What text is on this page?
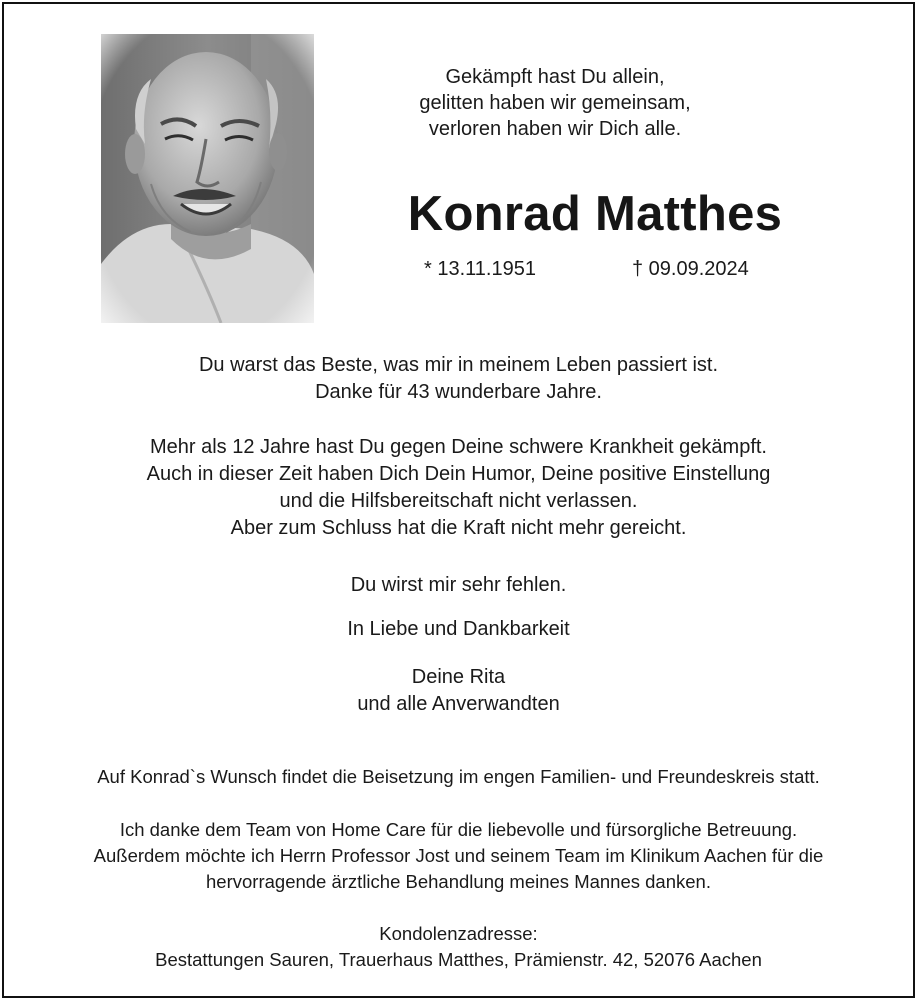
Gekämpft hast Du allein,
gelitten haben wir gemeinsam,
verloren haben wir Dich alle.
Konrad Matthes
* 13.11.1951	† 09.09.2024
Du warst das Beste, was mir in meinem Leben passiert ist.
Danke für 43 wunderbare Jahre.
Mehr als 12 Jahre hast Du gegen Deine schwere Krankheit gekämpft.
Auch in dieser Zeit haben Dich Dein Humor, Deine positive Einstellung
und die Hilfsbereitschaft nicht verlassen.
Aber zum Schluss hat die Kraft nicht mehr gereicht.
Du wirst mir sehr fehlen.
In Liebe und Dankbarkeit
Deine Rita
und alle Anverwandten
Auf Konrad`s Wunsch findet die Beisetzung im engen Familien- und Freundeskreis statt.
Ich danke dem Team von Home Care für die liebevolle und fürsorgliche Betreuung.
Außerdem möchte ich Herrn Professor Jost und seinem Team im Klinikum Aachen für die
hervorragende ärztliche Behandlung meines Mannes danken.
Kondolenzadresse:
Bestattungen Sauren, Trauerhaus Matthes, Prämienstr. 42, 52076 Aachen
